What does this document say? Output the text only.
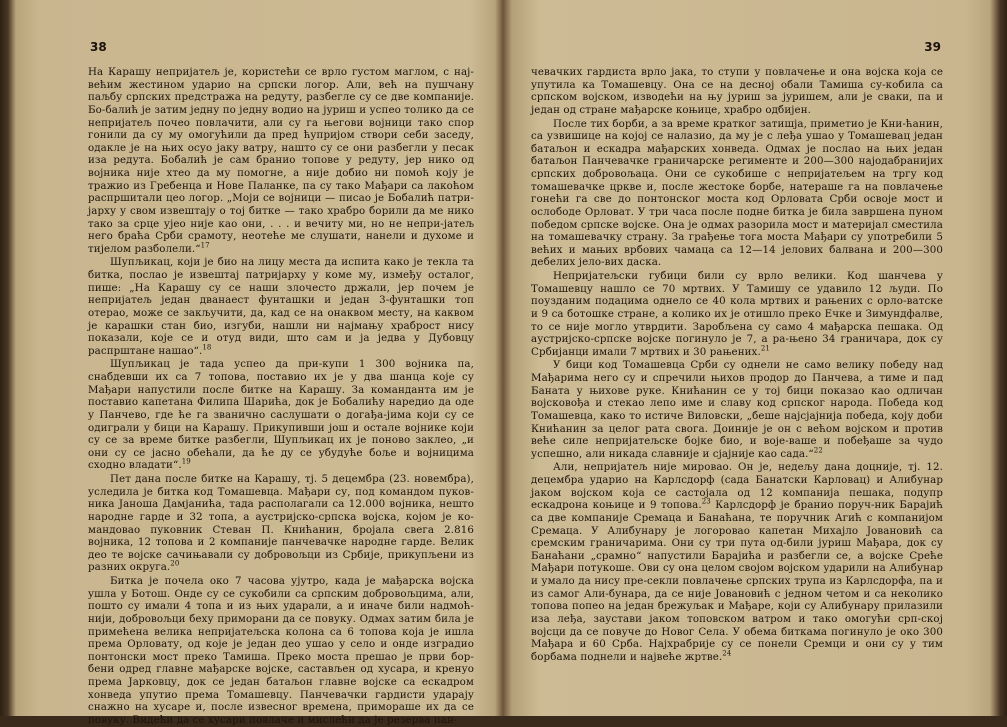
38

На Карашу непријатељ је, користећи се врло густом маглом, с нај-већим жестином ударио на српски логор. Али, већ на пушчану паљбу српских предстража на редуту, разбегле су се две компаније. Бо-бaлић је затим једну по једну водио на јуриш и успео толико да се непријатељ почео повлачити, али су га његови војници тако спор гонили да су му омогућили да пред ћупријом створи себи заседу, одакле је на њих осуо јаку ватру, нашто су се они разбегли у песак иза редута. Бобалић је сам бранио топове у редуту, јер нико од војника није хтео да му помогне, а није добио ни помоћ коју је тражио из Гребенца и Нове Паланке, па су тако Мађари са лакоћом распршитали цео логор. „Моји се војници — писао је Бобалић патри-јарху у свом извештају о тoj битке — тако храбро борили да ме нико тако за срце ујео није као они, . . . и вечиту ми, но не непри-јатељ него браћа Срби срамоту, неотеће ме слушати, нанели и духоме и тијелом разболели.“$^{17}$

Шупљикац, који је био на лицу места да испита како је текла та битка, послао је извештај патријарху у коме му, између осталог, пише: „На Карашу су се наши злочесто држали, јер почем је непријатељ један дванаест фунташки и један 3-фунташки топ отерао, може се закључити, да, кад се на онаквом месту, на каквом је карашки стан био, изгуби, нашли ни најмању храброст нису показали, које се и отуд види, што сам и ја једва у Дубовцу распрштане нашао“.$^{18}$

Шупљикац је тада успео да при-купи 1 300 војника па, снабдевши их са 7 топова, поставио их је у два шанца које су Мађари напустили после битке на Карашу. За команданта им је поставио капетана Филипа Шарића, док је Бобалићу наредио да оде у Панчево, где ће га званично саслушати о догађа-јима који су се одиграли у бици на Карашу. Прикупивши још и остале војнике који су се за време битке разбегли, Шупљикац их је поново заклео, „и они су се јасно обећали, да ће ду се убудуће боље и војницима сходно владати“.$^{19}$

Пет дана после битке на Карашу, тј. 5 децембра (23. новембра), уследила је битка код Томашевца. Мађари су, под командом пуков-ника Јаноша Дамјанића, тада располагали са 12.000 војника, нешто народне гарде и 32 топа, а аустријско-српска војска, којом је ко-мандовао пуковник Стеван П. Книћанин, бројала свега 2.816 војника, 12 топова и 2 компаније панчевачке народне гарде. Велик део те војске сачињавали су добровољци из Србије, прикупљени из разних округа.$^{20}$

Битка је почела око 7 часова ујутро, када је мађарска војска ушла у Ботош. Ондe су се сукобили са српским добровољцима, али, пошто су имали 4 топа и из њих ударали, а и иначе били надмоћ-нији, добровољци беху примoрани да се повуку. Одмах затим била је примећена велика непријатељска колона са 6 топова која је ишла према Орловату, од које је један део ушао у село и онде изградио понтонски мост преко Тамиша. Преко моста прешао је први бор-бени одред главне мађарске војске, састављен од хусара, и кренуо према Јарковцу, док се један батаљон главне војске са ескадром хонведа упутио према Томашевцу. Панчевачки гардисти ударају снажно на хусаре и, после извесног времена, приморaше их да се повуку. Видећи да се хусари повлаче и мислећи да је резерва пан-

39

чевачких гардиста врло јака, то ступи у повлачење и она војска која се упутила ка Томашевцу. Она се на десној обали Тамиша су-кобила са српском војском, изводећи на њу јуриш за јуришем, али је сваки, па и један од стране мађарске коњице, храбро одбијен.

После тих борби, а за време кратког затишја, приметио је Кни-ћанин, са узвишице на којој се налазио, да му је с леђа ушао у Томашевац један батаљон и ескадра мађарских хонведа. Одмах је послао на њих један батаљон Панчевачке граничарске регименте и 200—300 најодабранијих српских добровољаца. Они се сукобише с непријатељем на тргу код томашевачке цркве и, после жестоке борбе, натераше га на повлачење гонећи га све до понтонског моста код Орловата Срби освоје мост и ослободе Орловат. У три часа после подне битка је била завршена пуном победом српске војске. Она је одмах разорила мост и материјал сместила на томашевачку страну. За грађење тога моста Мађари су употребили 5 већих и мањих врбових чамаца са 12—14 јелових балвана и 200—300 дебелих јело-вих даскa.

Непријатељски губици били су врло велики. Код шанчева у Томашевцу нашло се 70 мртвих. У Тамишу се удавило 12 људи. По поузданим подацима однело се 40 кола мртвих и рањених с орло-ватске и 9 са ботошке стране, а колико их је отишло преко Ечке и Зимундфалве, то се није могло утврдити. Заробљена су само 4 мађарска пешака. Од аустријско-српске војске погинуло је 7, а ра-њено 34 граничара, док су Србијанци имали 7 мртвих и 30 рањених.$^{21}$

У бици код Томашевца Срби су однели не само велику победу над Мађарима него су и спречили њихов продор до Панчева, а тиме и пад Баната у њихове руке. Книћанин се у тој бици показао као одличан војсковођа и стекао лепо име и славу код српског народа. Победа код Томашевца, како то истиче Виловски, „беше најсјајнија победа, коју доби Книћанин за целог рата свога. Доиније је он с већом војском и против веће силе непријатељске бојке био, и воје-ваше и побеђаше за чудо успешно, али никада славније и сјајније као сада.“$^{22}$

Али, непријатељ није мировао. Он је, недељу дана доцније, тј. 12. децембра ударио на Карлсдорф (сада Банатски Карловац) и Алибунар јаком војском која се састојала од 12 компанија пешака, подупр ескадрона коњице и 9 топова.$^{23}$ Карлсдорф је бранио поруч-ник Барајић са две компаније Сремаца и Банаћана, те поручник Агић с компанијом Сремаца. У Алибунару је логоровао капетан Михајло Јовановић са сремским граничарима. Они су три пута од-били јуриш Мађара, док су Банаћани „срамно“ напустили Барајића и разбегли се, а војске Среће Мађари потукоше. Ови су она целом својом војском ударили на Алибунар и умало да нису пре-секли повлачење српских трупа из Карлсдорфа, па и из самог Али-бунара, да се није Јовановић с једном четом и са неколико топова попео на један брежуљак и Мађаре, који су Алибунару прилазили иза леђа, заустави јаком топовском ватром и тако омогући срп-ској војсци да се повуче до Новог Села. У обема биткама погинуло је око 300 Мађара и 60 Срба. Најхрабрије су се понели Сремци и они су у тим борбама поднели и највеће жртве.$^{24}$
